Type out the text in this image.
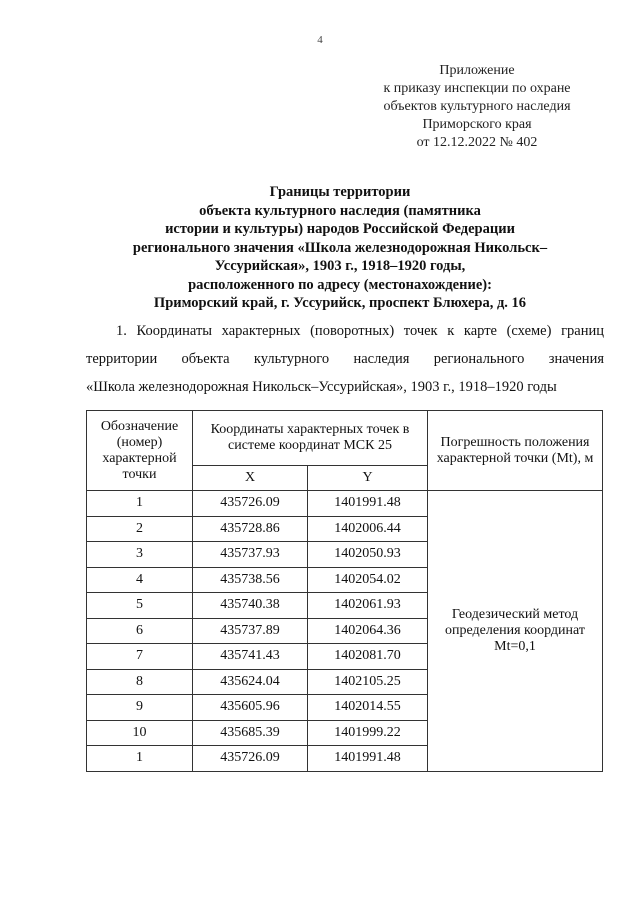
4
Приложение
к приказу инспекции по охране
объектов культурного наследия
Приморского края
от 12.12.2022 № 402
Границы территории
объекта культурного наследия (памятника
истории и культуры) народов Российской Федерации
регионального значения «Школа железнодорожная Никольск–
Уссурийская», 1903 г., 1918–1920 годы,
расположенного по адресу (местонахождение):
Приморский край, г. Уссурийск, проспект Блюхера, д. 16
1. Координаты характерных (поворотных) точек к карте (схеме) границ
территории объекта культурного наследия регионального значения
«Школа железнодорожная Никольск–Уссурийская», 1903 г., 1918–1920 годы
Обозначение (номер) характерной точки	Координаты характерных точек в системе координат МСК 25		Погрешность положения характерной точки (Mt), м
	X	Y	
1	435726.09	1401991.48	Геодезический метод определения координат Mt=0,1
2	435728.86	1402006.44	
3	435737.93	1402050.93	
4	435738.56	1402054.02	
5	435740.38	1402061.93	
6	435737.89	1402064.36	
7	435741.43	1402081.70	
8	435624.04	1402105.25	
9	435605.96	1402014.55	
10	435685.39	1401999.22	
1	435726.09	1401991.48	
